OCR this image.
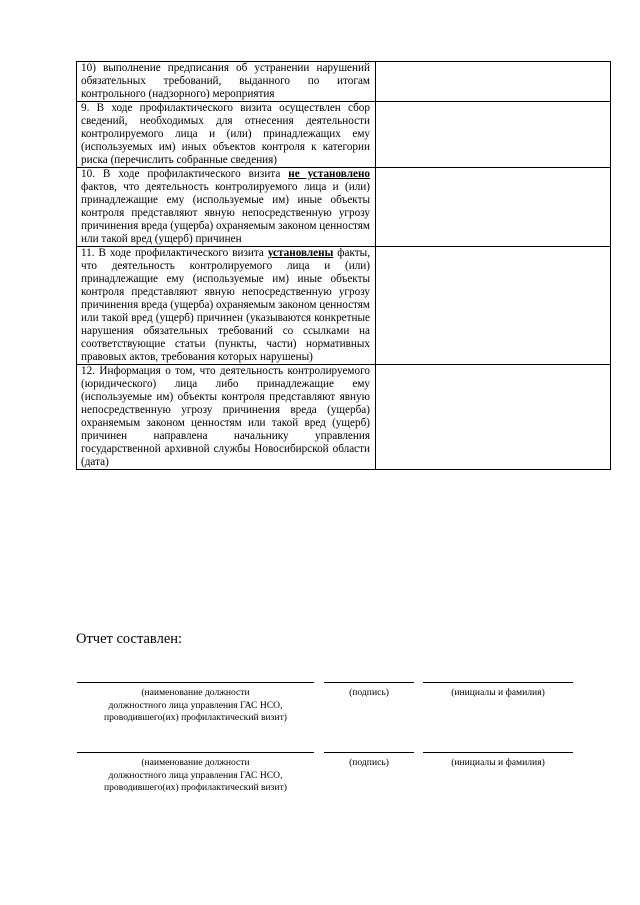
10) выполнение предписания об устранении нарушений обязательных требований, выданного по итогам контрольного (надзорного) мероприятия	
9. В ходе профилактического визита осуществлен сбор сведений, необходимых для отнесения деятельности контролируемого лица и (или) принадлежащих ему (используемых им) иных объектов контроля к категории риска (перечислить собранные сведения)	
10. В ходе профилактического визита не установлено фактов, что деятельность контролируемого лица и (или) принадлежащие ему (используемые им) иные объекты контроля представляют явную непосредственную угрозу причинения вреда (ущерба) охраняемым законом ценностям или такой вред (ущерб) причинен	
11. В ходе профилактического визита установлены факты, что деятельность контролируемого лица и (или) принадлежащие ему (используемые им) иные объекты контроля представляют явную непосредственную угрозу причинения вреда (ущерба) охраняемым законом ценностям или такой вред (ущерб) причинен (указываются конкретные нарушения обязательных требований со ссылками на соответствующие статьи (пункты, части) нормативных правовых актов, требования которых нарушены)	
12. Информация о том, что деятельность контролируемого (юридического) лица либо принадлежащие ему (используемые им) объекты контроля представляют явную непосредственную угрозу причинения вреда (ущерба) охраняемым законом ценностям или такой вред (ущерб) причинен направлена начальнику управления государственной архивной службы Новосибирской области (дата)	
Отчет составлен:
(наименование должности
должностного лица управления ГАС НСО,
проводившего(их) профилактический визит)
(подпись)	(инициалы и фамилия)
(наименование должности
должностного лица управления ГАС НСО,
проводившего(их) профилактический визит)
(подпись)	(инициалы и фамилия)
